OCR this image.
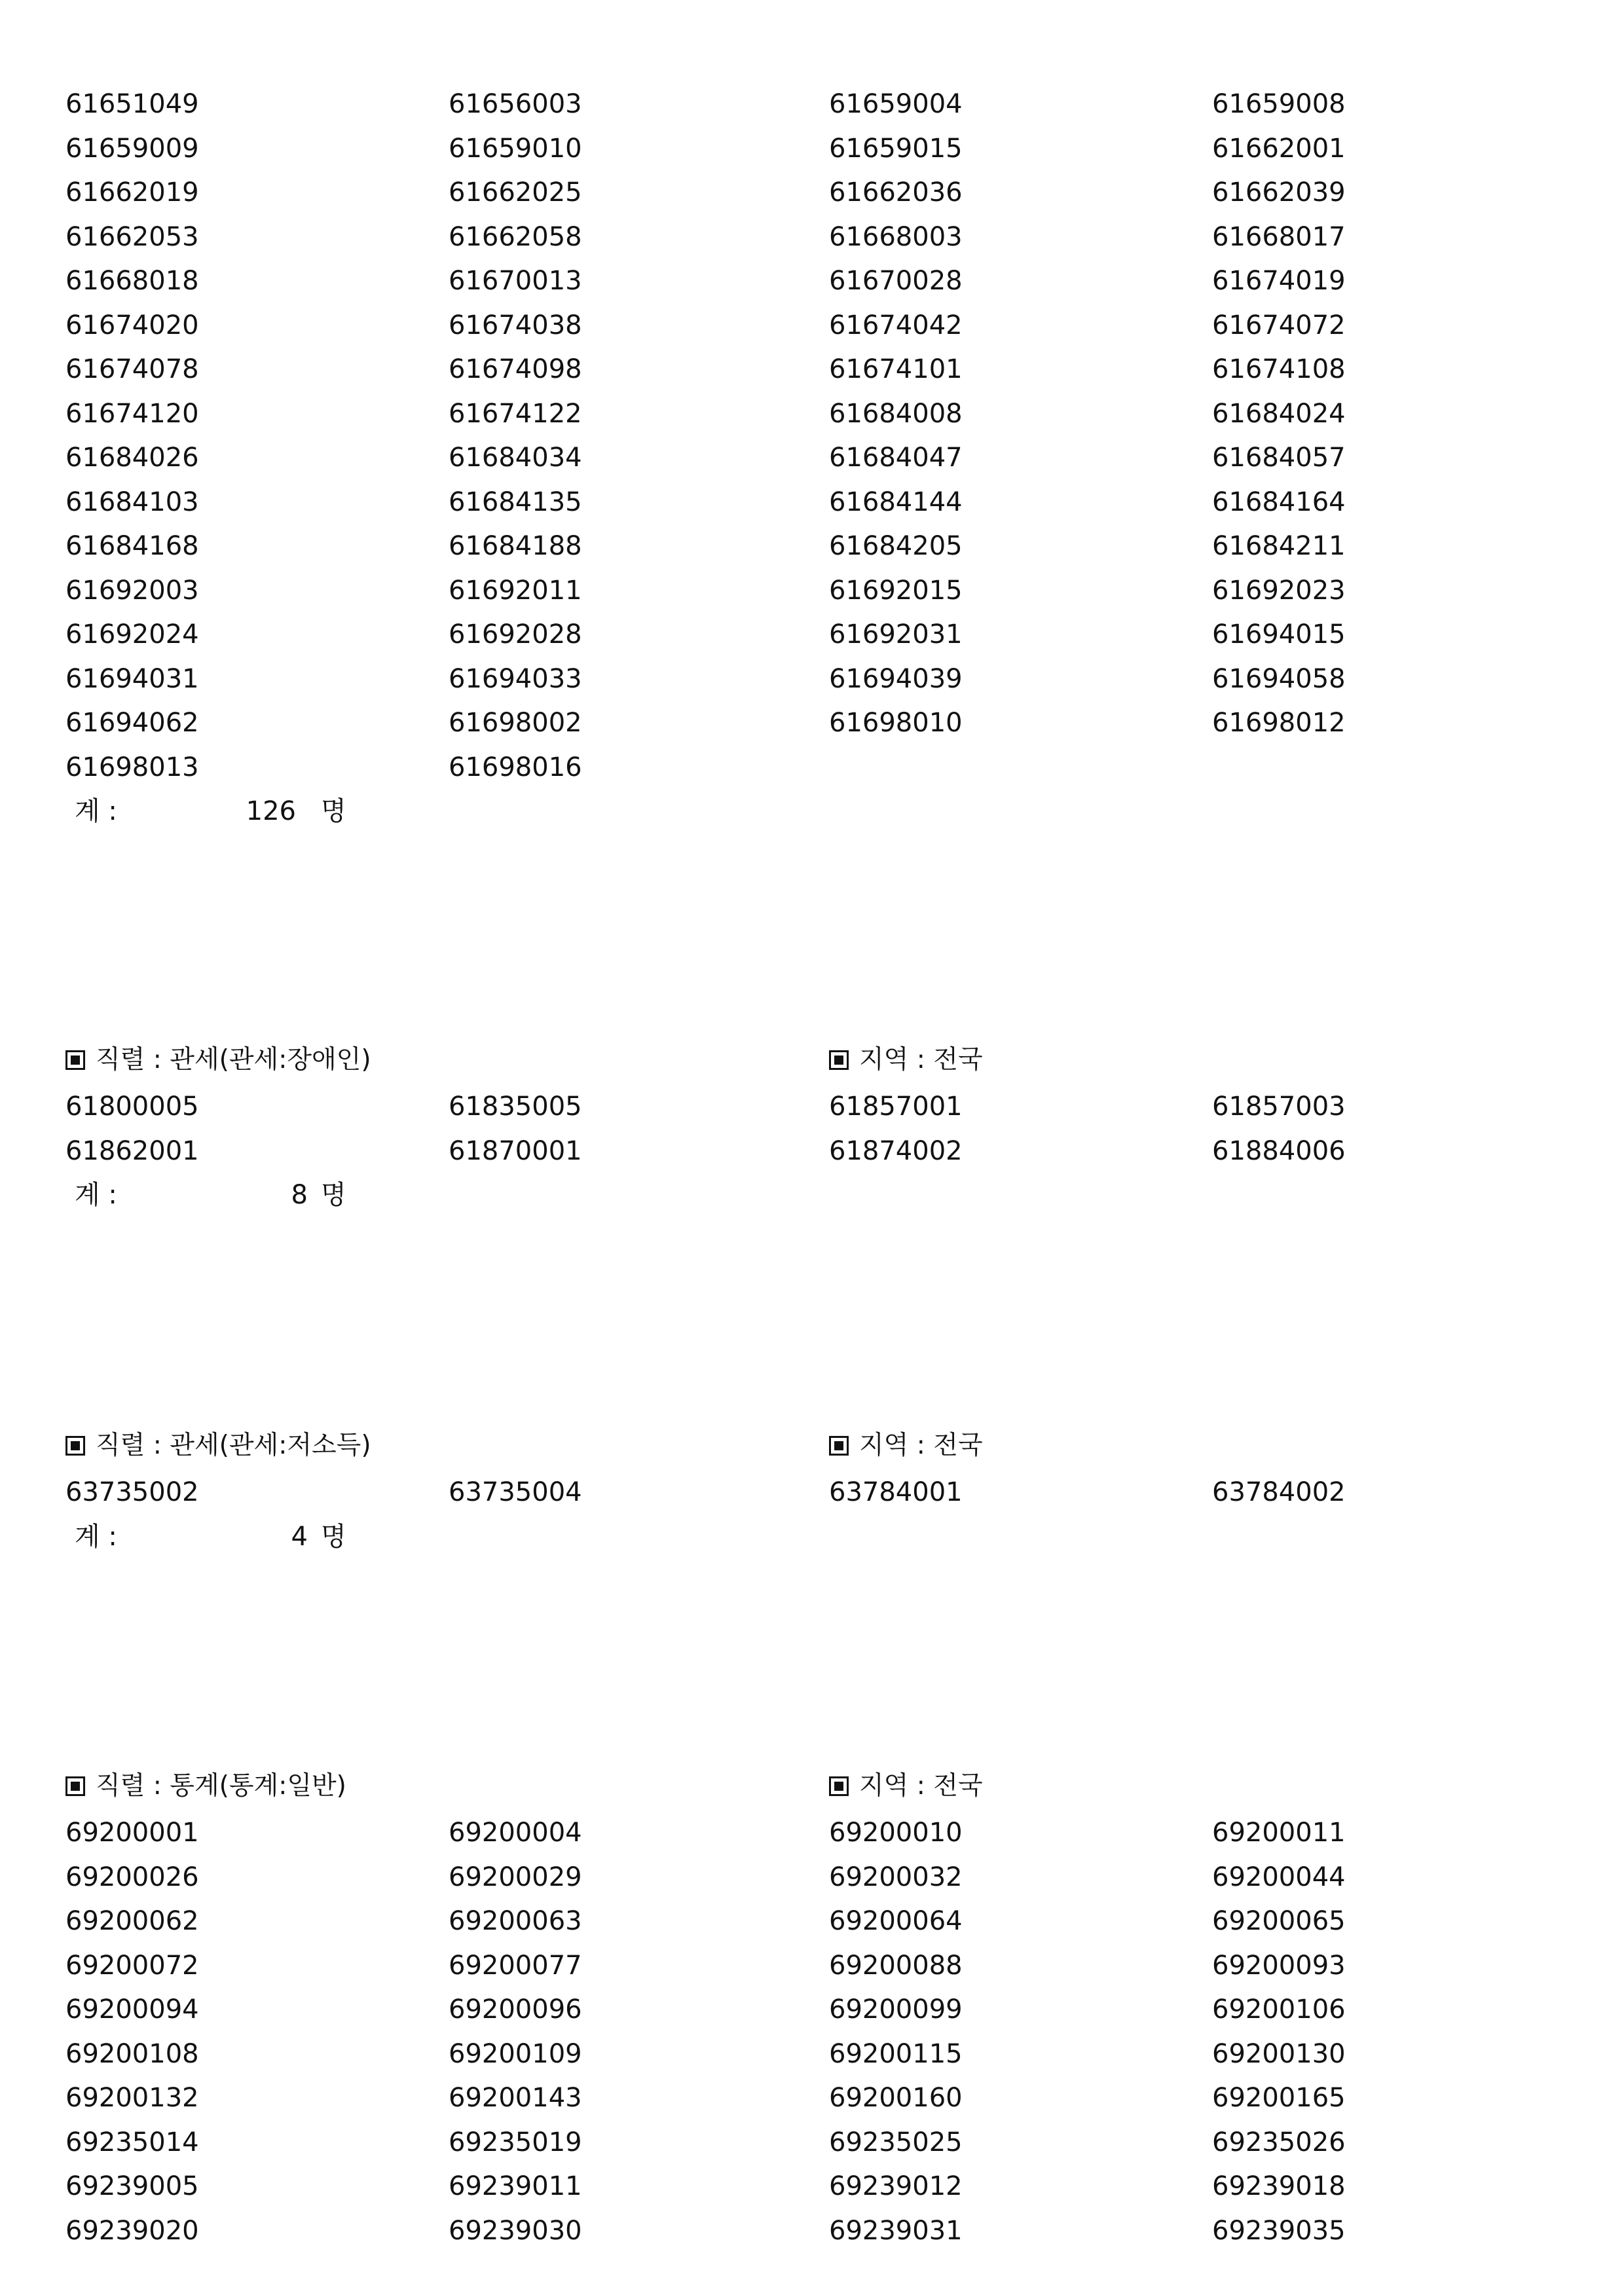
61651049	61656003	61659004	61659008
61659009	61659010	61659015	61662001
61662019	61662025	61662036	61662039
61662053	61662058	61668003	61668017
61668018	61670013	61670028	61674019
61674020	61674038	61674042	61674072
61674078	61674098	61674101	61674108
61674120	61674122	61684008	61684024
61684026	61684034	61684047	61684057
61684103	61684135	61684144	61684164
61684168	61684188	61684205	61684211
61692003	61692011	61692015	61692023
61692024	61692028	61692031	61694015
61694031	61694033	61694039	61694058
61694062	61698002	61698010	61698012
61698013	61698016
계 :	126 명
직렬 : 관세(관세:장애인)	지역 : 전국
61800005	61835005	61857001	61857003
61862001	61870001	61874002	61884006
계 :	8 명
직렬 : 관세(관세:저소득)	지역 : 전국
63735002	63735004	63784001	63784002
계 :	4 명
직렬 : 통계(통계:일반)	지역 : 전국
69200001	69200004	69200010	69200011
69200026	69200029	69200032	69200044
69200062	69200063	69200064	69200065
69200072	69200077	69200088	69200093
69200094	69200096	69200099	69200106
69200108	69200109	69200115	69200130
69200132	69200143	69200160	69200165
69235014	69235019	69235025	69235026
69239005	69239011	69239012	69239018
69239020	69239030	69239031	69239035
